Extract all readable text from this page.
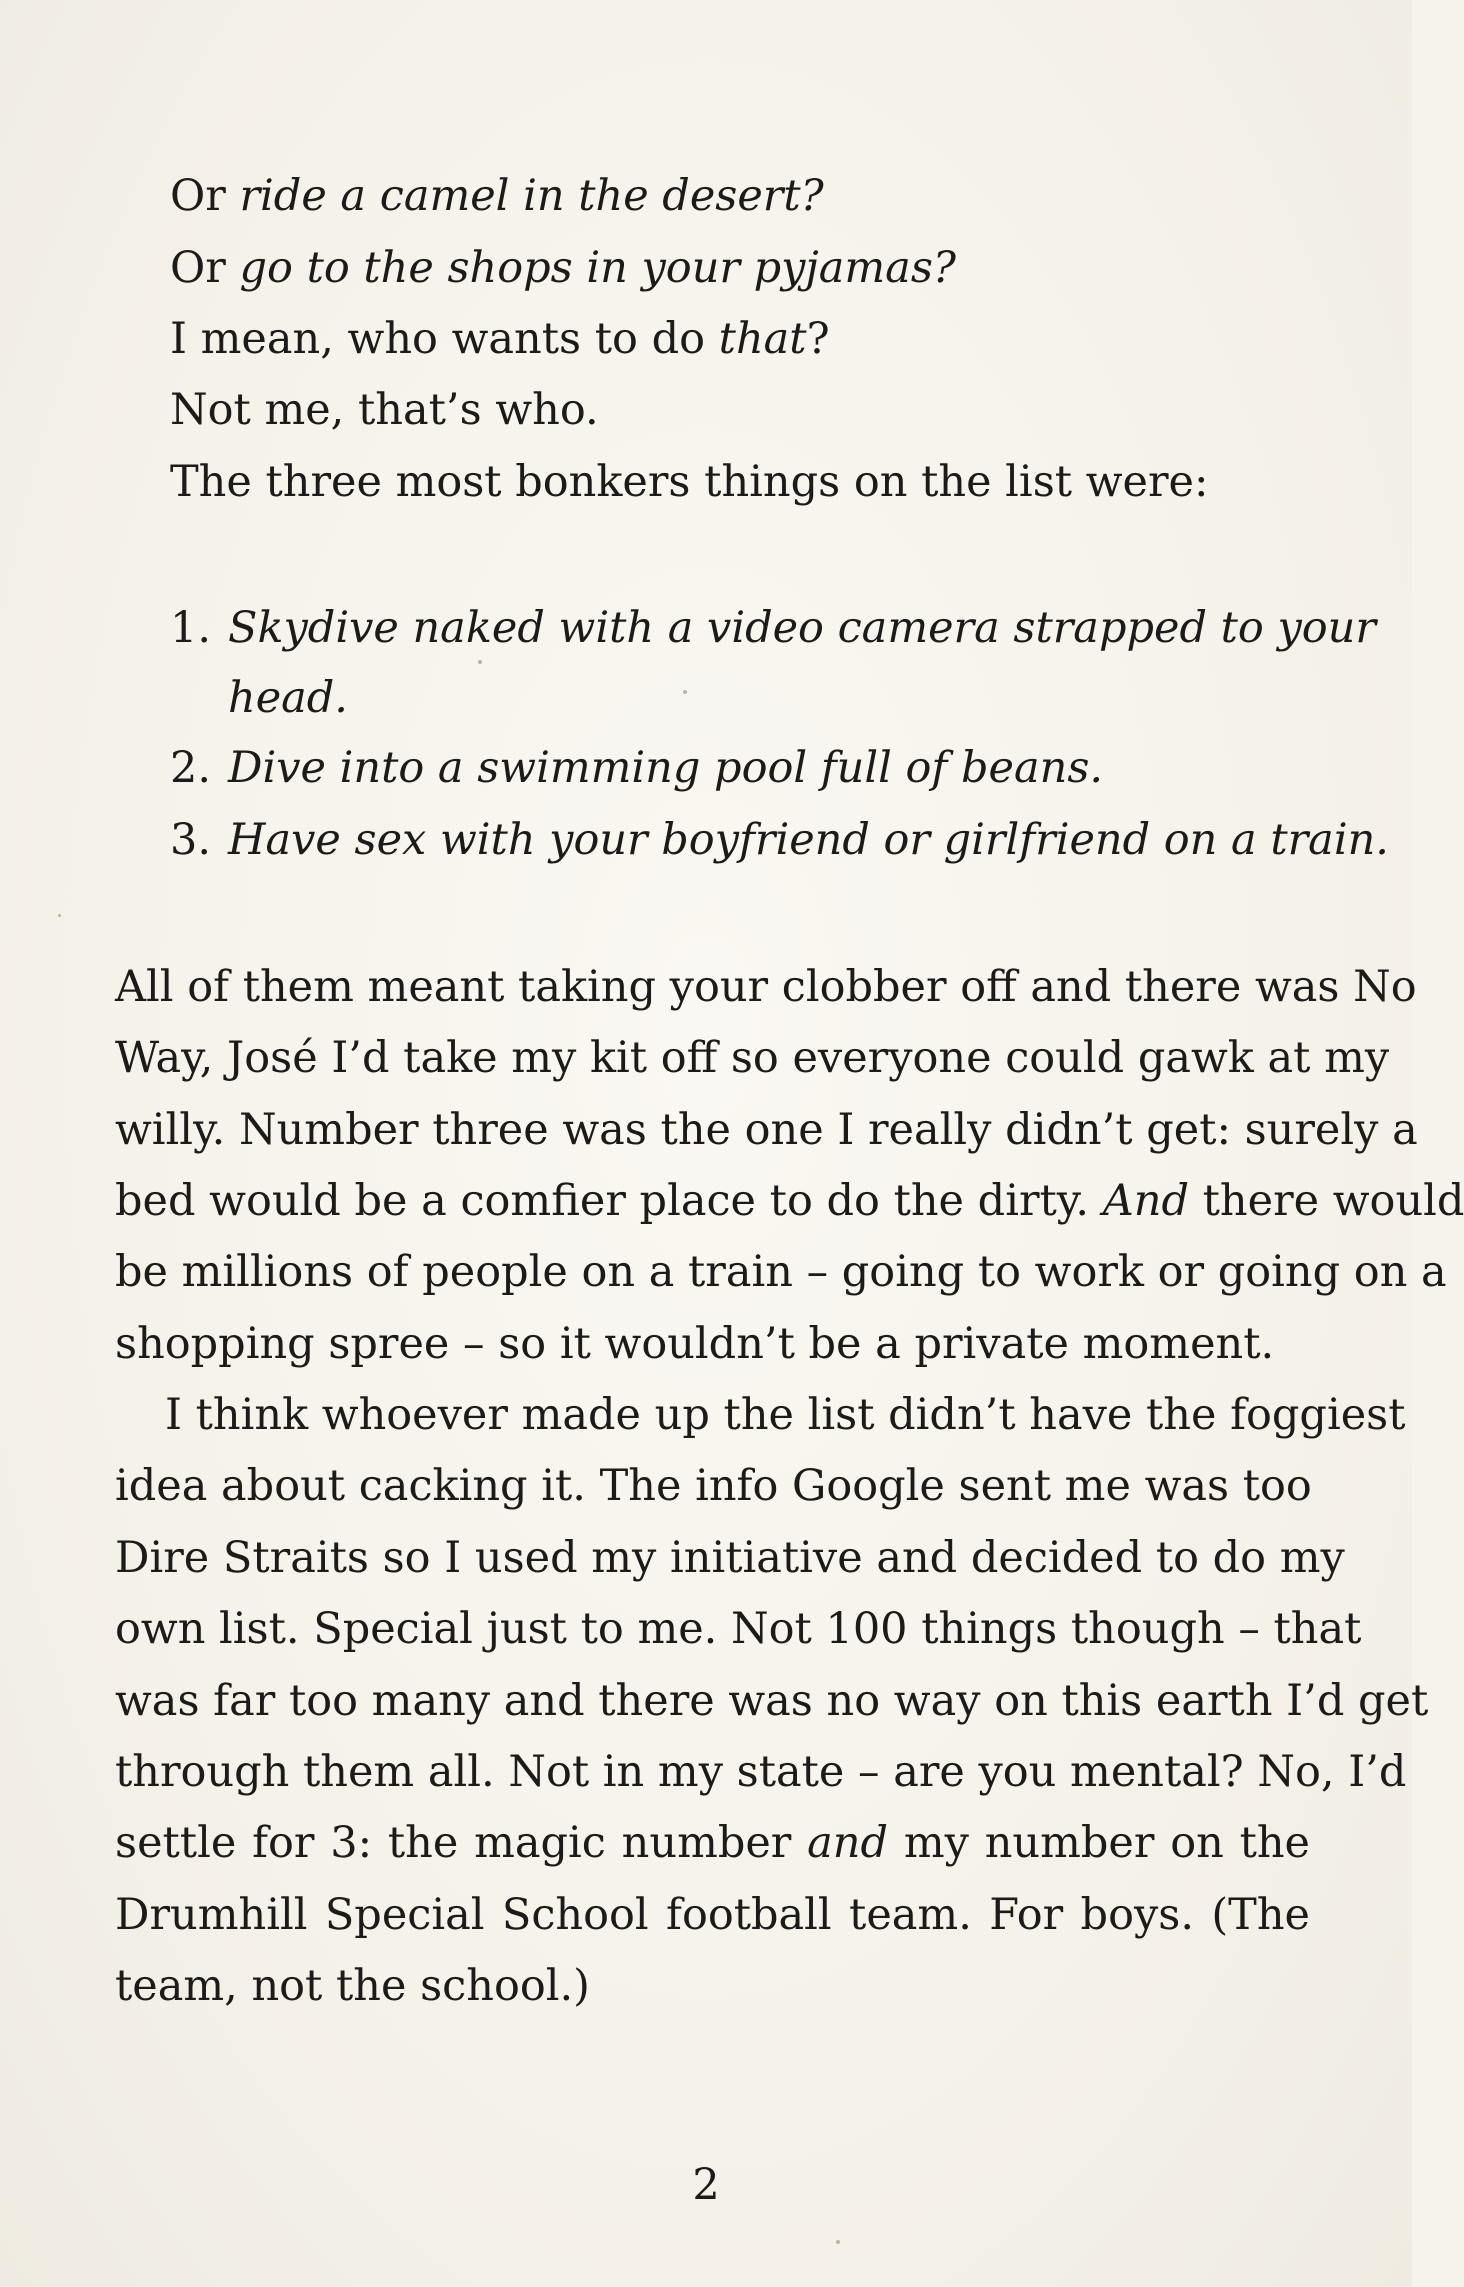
Or ride a camel in the desert?
Or go to the shops in your pyjamas?
I mean, who wants to do that?
Not me, that’s who.
The three most bonkers things on the list were:
1. Skydive naked with a video camera strapped to your
head.
2. Dive into a swimming pool full of beans.
3. Have sex with your boyfriend or girlfriend on a train.
All of them meant taking your clobber off and there was No
Way, José I’d take my kit off so everyone could gawk at my
willy. Number three was the one I really didn’t get: surely a
bed would be a comfier place to do the dirty. And there would
be millions of people on a train – going to work or going on a
shopping spree – so it wouldn’t be a private moment.
I think whoever made up the list didn’t have the foggiest
idea about cacking it. The info Google sent me was too
Dire Straits so I used my initiative and decided to do my
own list. Special just to me. Not 100 things though – that
was far too many and there was no way on this earth I’d get
through them all. Not in my state – are you mental? No, I’d
settle for 3: the magic number and my number on the
Drumhill Special School football team. For boys. (The
team, not the school.)
2
